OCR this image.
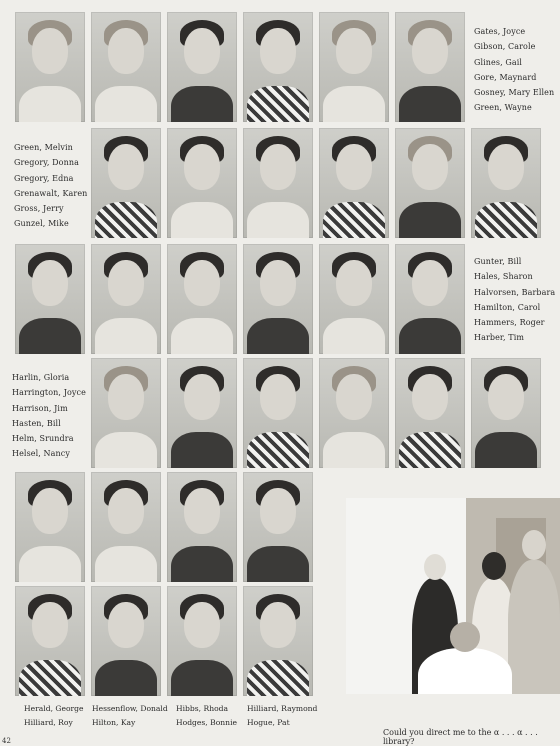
Gates, Joyce
Gibson, Carole
Glines, Gail
Gore, Maynard
Gosney, Mary Ellen
Green, Wayne
Green, Melvin
Gregory, Donna
Gregory, Edna
Grenawalt, Karen
Gross, Jerry
Gunzel, Mike
Gunter, Bill
Hales, Sharon
Halvorsen, Barbara
Hamilton, Carol
Hammers, Roger
Harber, Tim
Harlin, Gloria
Harrington, Joyce
Harrison, Jim
Hasten, Bill
Helm, Srundra
Helsel, Nancy
Herald, George
Hilliard, Roy
Hessenflow, Donald
Hilton, Kay
Hibbs, Rhoda
Hodges, Bonnie
Hilliard, Raymond
Hogue, Pat
Could you direct me to the α . . . α . . . library?
42
